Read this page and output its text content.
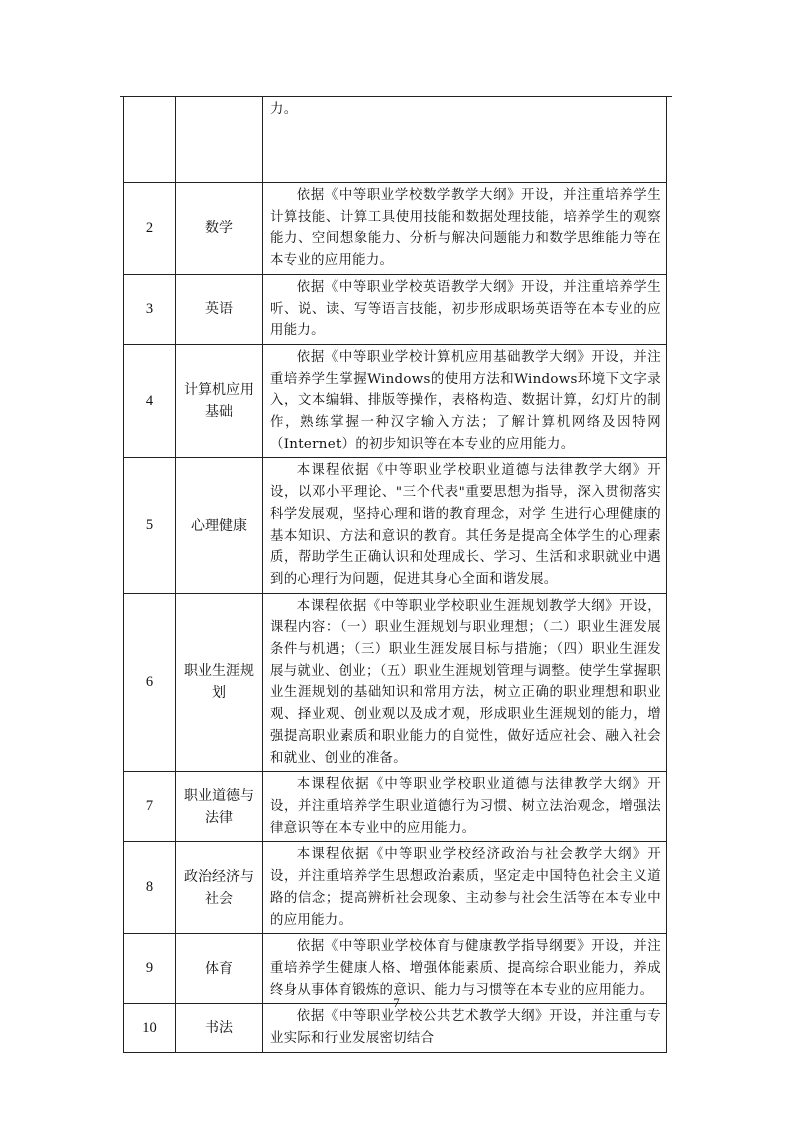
		力。

2	数学	依据《中等职业学校数学教学大纲》开设，并注重培养学生计算技能、计算工具使用技能和数据处理技能，培养学生的观察能力、空间想象能力、分析与解决问题能力和数学思维能力等在本专业的应用能力。

3	英语	依据《中等职业学校英语教学大纲》开设，并注重培养学生听、说、读、写等语言技能，初步形成职场英语等在本专业的应用能力。

4	计算机应用基础	依据《中等职业学校计算机应用基础教学大纲》开设，并注重培养学生掌握Windows的使用方法和Windows环境下文字录入，文本编辑、排版等操作，表格构造、数据计算，幻灯片的制作，熟练掌握一种汉字输入方法；了解计算机网络及因特网（Internet）的初步知识等在本专业的应用能力。

5	心理健康	本课程依据《中等职业学校职业道德与法律教学大纲》开设，以邓小平理论、"三个代表"重要思想为指导，深入贯彻落实科学发展观，坚持心理和谐的教育理念，对学 生进行心理健康的基本知识、方法和意识的教育。其任务是提高全体学生的心理素质，帮助学生正确认识和处理成长、学习、生活和求职就业中遇到的心理行为问题，促进其身心全面和谐发展。

6	职业生涯规划	本课程依据《中等职业学校职业生涯规划教学大纲》开设，课程内容：（一）职业生涯规划与职业理想；（二）职业生涯发展条件与机遇；（三）职业生涯发展目标与措施；（四）职业生涯发展与就业、创业；（五）职业生涯规划管理与调整。使学生掌握职业生涯规划的基础知识和常用方法，树立正确的职业理想和职业观、择业观、创业观以及成才观，形成职业生涯规划的能力，增强提高职业素质和职业能力的自觉性，做好适应社会、融入社会和就业、创业的准备。

7	职业道德与法律	本课程依据《中等职业学校职业道德与法律教学大纲》开设，并注重培养学生职业道德行为习惯、树立法治观念，增强法律意识等在本专业中的应用能力。

8	政治经济与社会	本课程依据《中等职业学校经济政治与社会教学大纲》开设，并注重培养学生思想政治素质，坚定走中国特色社会主义道路的信念；提高辨析社会现象、主动参与社会生活等在本专业中的应用能力。

9	体育	依据《中等职业学校体育与健康教学指导纲要》开设，并注重培养学生健康人格、增强体能素质、提高综合职业能力，养成终身从事体育锻炼的意识、能力与习惯等在本专业的应用能力。

10	书法	依据《中等职业学校公共艺术教学大纲》开设，并注重与专业实际和行业发展密切结合
7
